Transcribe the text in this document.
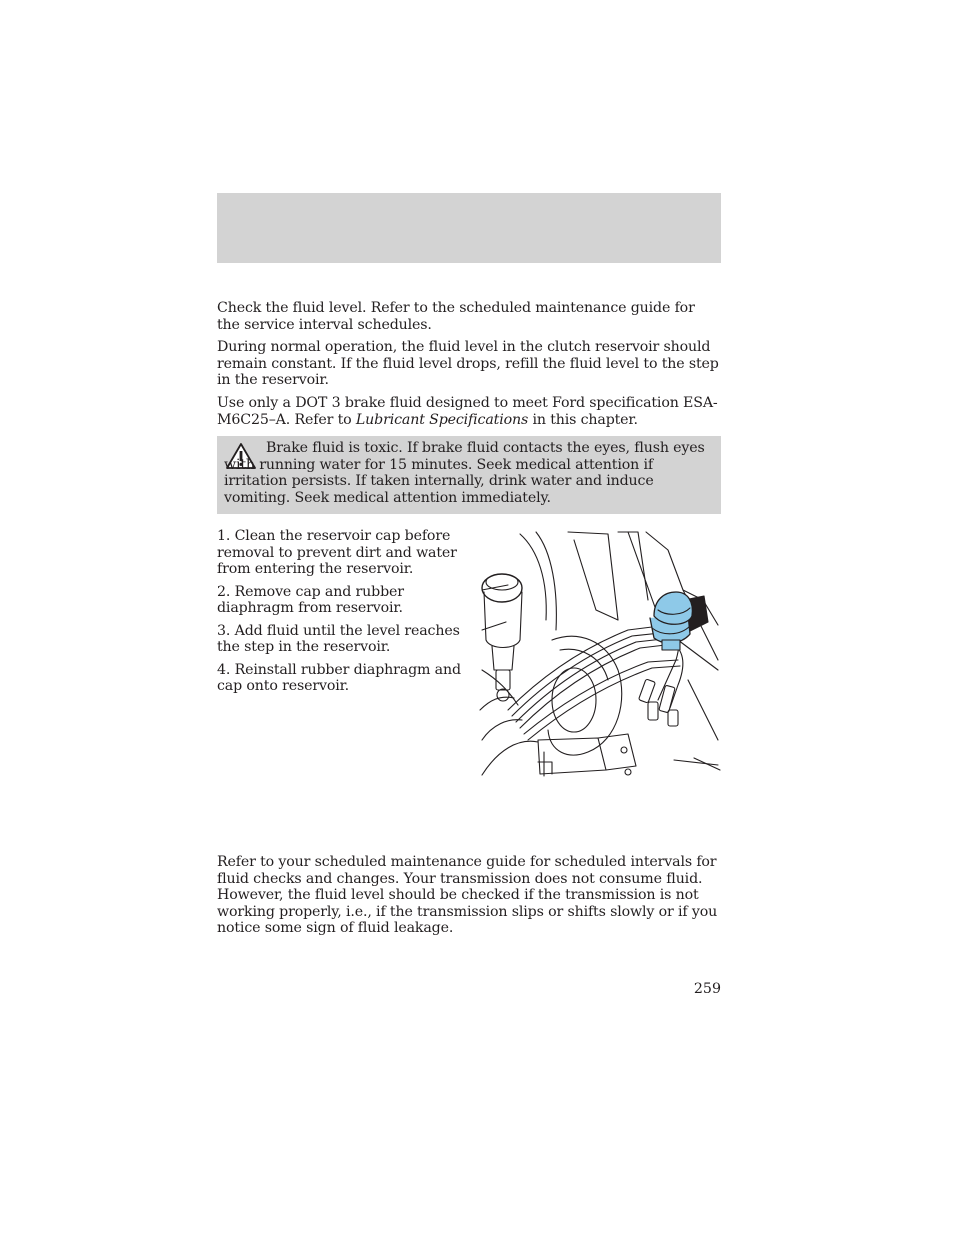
Check the fluid level. Refer to the scheduled maintenance guide for the service interval schedules.

During normal operation, the fluid level in the clutch reservoir should remain constant. If the fluid level drops, refill the fluid level to the step in the reservoir.

Use only a DOT 3 brake fluid designed to meet Ford specification ESA-M6C25–A. Refer to Lubricant Specifications in this chapter.

Brake fluid is toxic. If brake fluid contacts the eyes, flush eyes with running water for 15 minutes. Seek medical attention if irritation persists. If taken internally, drink water and induce vomiting. Seek medical attention immediately.

1. Clean the reservoir cap before removal to prevent dirt and water from entering the reservoir.

2. Remove cap and rubber diaphragm from reservoir.

3. Add fluid until the level reaches the step in the reservoir.

4. Reinstall rubber diaphragm and cap onto reservoir.

Refer to your scheduled maintenance guide for scheduled intervals for fluid checks and changes. Your transmission does not consume fluid. However, the fluid level should be checked if the transmission is not working properly, i.e., if the transmission slips or shifts slowly or if you notice some sign of fluid leakage.

259
